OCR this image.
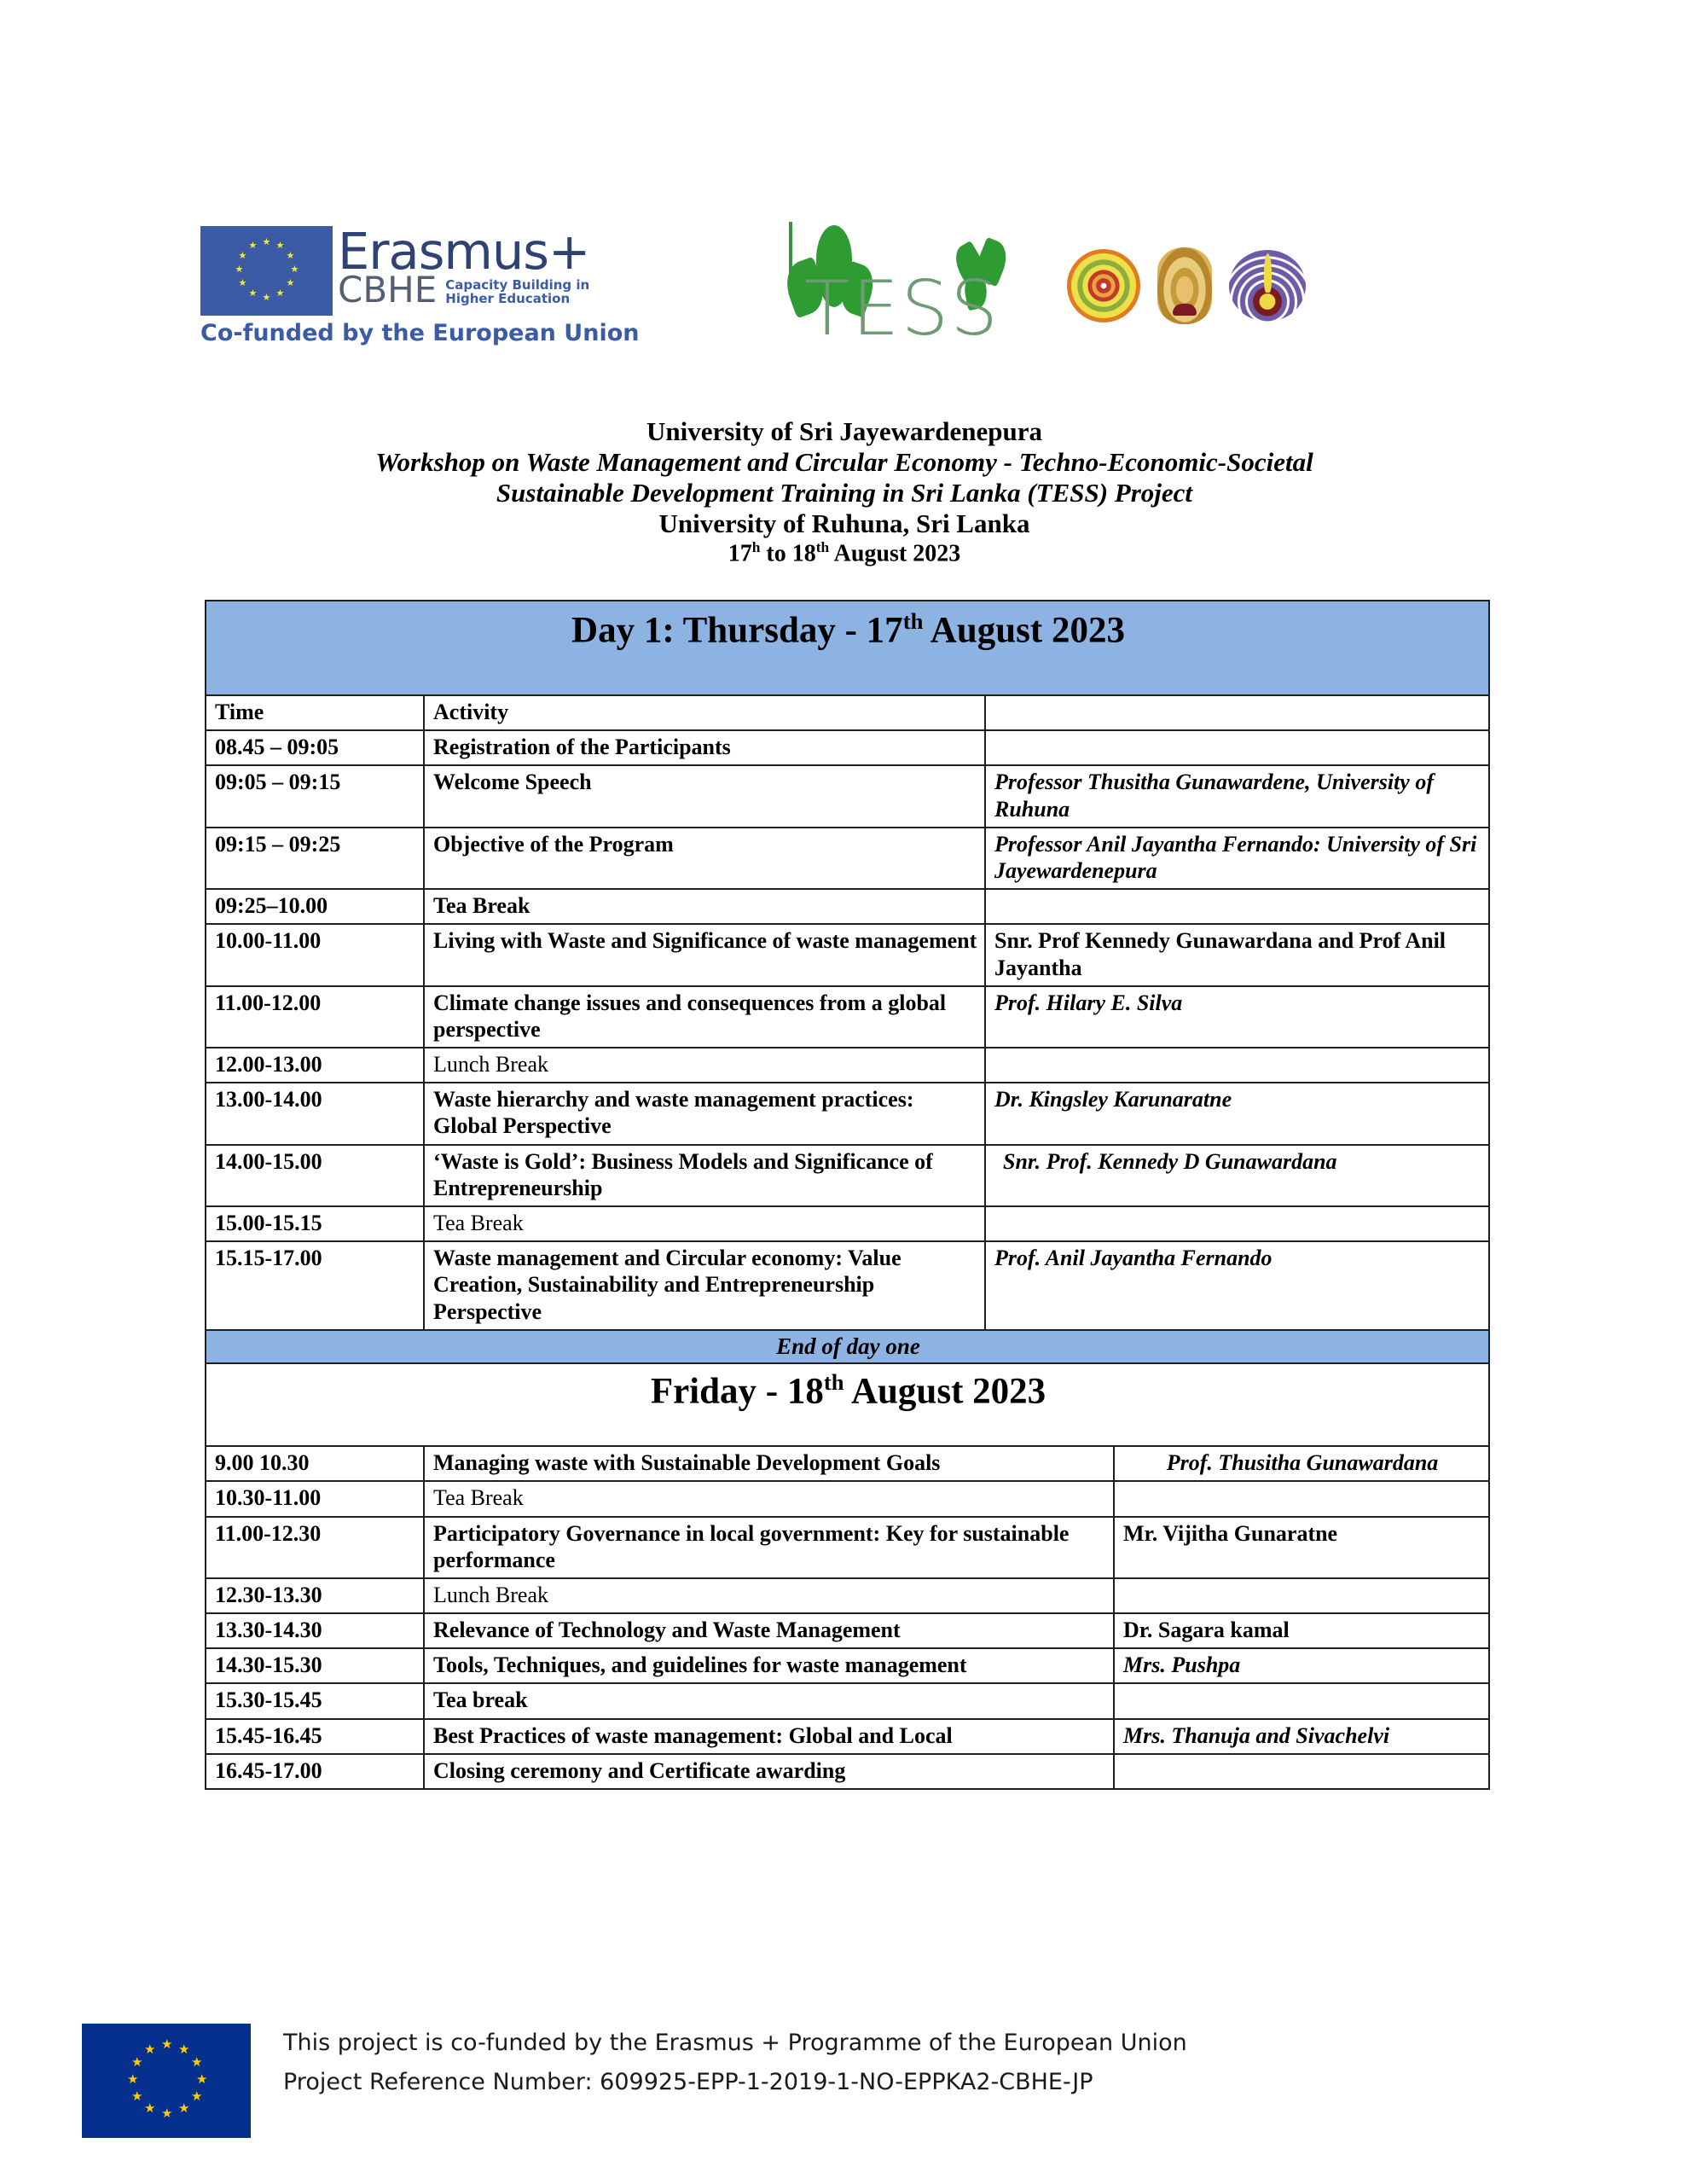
★ ★
★
★
★
★
★
★
★
★
★
★ Erasmus+
CBHE Capacity Building in
Higher Education
Co-funded by the European Union	TESS
University of Sri Jayewardenepura
Workshop on Waste Management and Circular Economy - Techno-Economic-Societal
Sustainable Development Training in Sri Lanka (TESS) Project
University of Ruhuna, Sri Lanka
17$^h$ to 18th August 2023
Day 1: Thursday - 17th August 2023		
Time	Activity	
08.45 – 09:05	Registration of the Participants	
09:05 – 09:15	Welcome Speech	Professor Thusitha Gunawardene, University of Ruhuna
09:15 – 09:25	Objective of the Program	Professor Anil Jayantha Fernando: University of Sri Jayewardenepura
09:25–10.00	Tea Break	
10.00-11.00	Living with Waste and Significance of waste management	Snr. Prof Kennedy Gunawardana and Prof Anil Jayantha
11.00-12.00	Climate change issues and consequences from a global perspective	Prof. Hilary E. Silva
12.00-13.00	Lunch Break	
13.00-14.00	Waste hierarchy and waste management practices: Global Perspective	Dr. Kingsley Karunaratne
14.00-15.00	‘Waste is Gold’: Business Models and Significance of Entrepreneurship	Snr. Prof. Kennedy D Gunawardana
15.00-15.15	Tea Break	
15.15-17.00	Waste management and Circular economy: Value Creation, Sustainability and Entrepreneurship Perspective	Prof. Anil Jayantha Fernando
End of day one		
Friday - 18th August 2023		
9.00 10.30	Managing waste with Sustainable Development Goals	Prof. Thusitha Gunawardana
10.30-11.00	Tea Break	
11.00-12.30	Participatory Governance in local government: Key for sustainable performance	Mr. Vijitha Gunaratne
12.30-13.30	Lunch Break	
13.30-14.30	Relevance of Technology and Waste Management	Dr. Sagara kamal
14.30-15.30	Tools, Techniques, and guidelines for waste management	Mrs. Pushpa
15.30-15.45	Tea break	
15.45-16.45	Best Practices of waste management: Global and Local	Mrs. Thanuja and Sivachelvi
16.45-17.00	Closing ceremony and Certificate awarding	
★ ★
★
★
★
★
★
★
★
★
★
★	This project is co-funded by the Erasmus + Programme of the European Union
Project Reference Number: 609925-EPP-1-2019-1-NO-EPPKA2-CBHE-JP
